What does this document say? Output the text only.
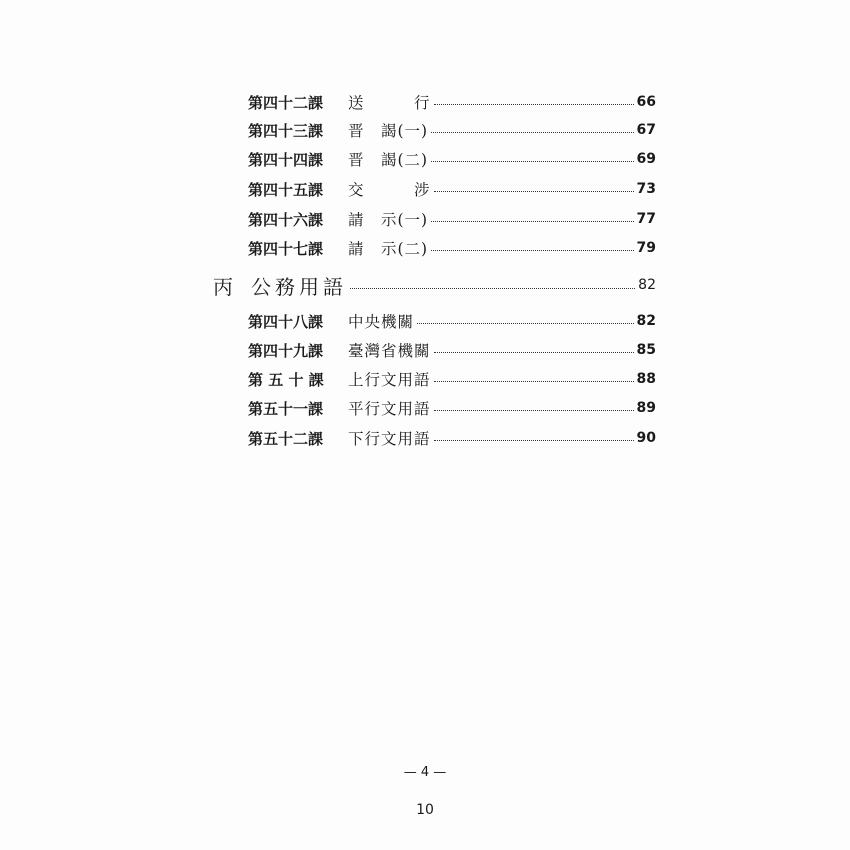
第四十二課	送　　　行	66
第四十三課	晋　謁(一)	67
第四十四課	晋　謁(二)	69
第四十五課	交　　　涉	73
第四十六課	請　示(一)	77
第四十七課	請　示(二)	79
丙 公務用語	82
第四十八課	中央機關	82
第四十九課	臺灣省機關	85
第 五 十 課	上行文用語	88
第五十一課	平行文用語	89
第五十二課	下行文用語	90
— 4 —
10
